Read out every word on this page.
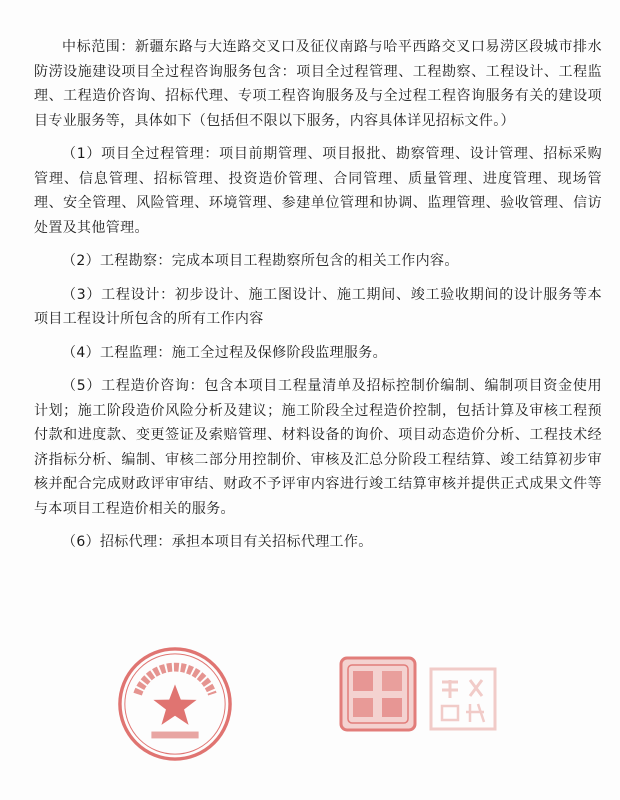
中标范围：新疆东路与大连路交叉口及征仪南路与哈平西路交叉口易涝区段城市排水防涝设施建设项目全过程咨询服务包含：项目全过程管理、工程勘察、工程设计、工程监理、工程造价咨询、招标代理、专项工程咨询服务及与全过程工程咨询服务有关的建设项目专业服务等，具体如下（包括但不限以下服务，内容具体详见招标文件。）

（1）项目全过程管理：项目前期管理、项目报批、勘察管理、设计管理、招标采购管理、信息管理、招标管理、投资造价管理、合同管理、质量管理、进度管理、现场管理、安全管理、风险管理、环境管理、参建单位管理和协调、监理管理、验收管理、信访处置及其他管理。

（2）工程勘察：完成本项目工程勘察所包含的相关工作内容。

（3）工程设计：初步设计、施工图设计、施工期间、竣工验收期间的设计服务等本项目工程设计所包含的所有工作内容

（4）工程监理：施工全过程及保修阶段监理服务。

（5）工程造价咨询：包含本项目工程量清单及招标控制价编制、编制项目资金使用计划；施工阶段造价风险分析及建议；施工阶段全过程造价控制，包括计算及审核工程预付款和进度款、变更签证及索赔管理、材料设备的询价、项目动态造价分析、工程技术经济指标分析、编制、审核二部分用控制价、审核及汇总分阶段工程结算、竣工结算初步审核并配合完成财政评审审结、财政不予评审内容进行竣工结算审核并提供正式成果文件等与本项目工程造价相关的服务。

（6）招标代理：承担本项目有关招标代理工作。
